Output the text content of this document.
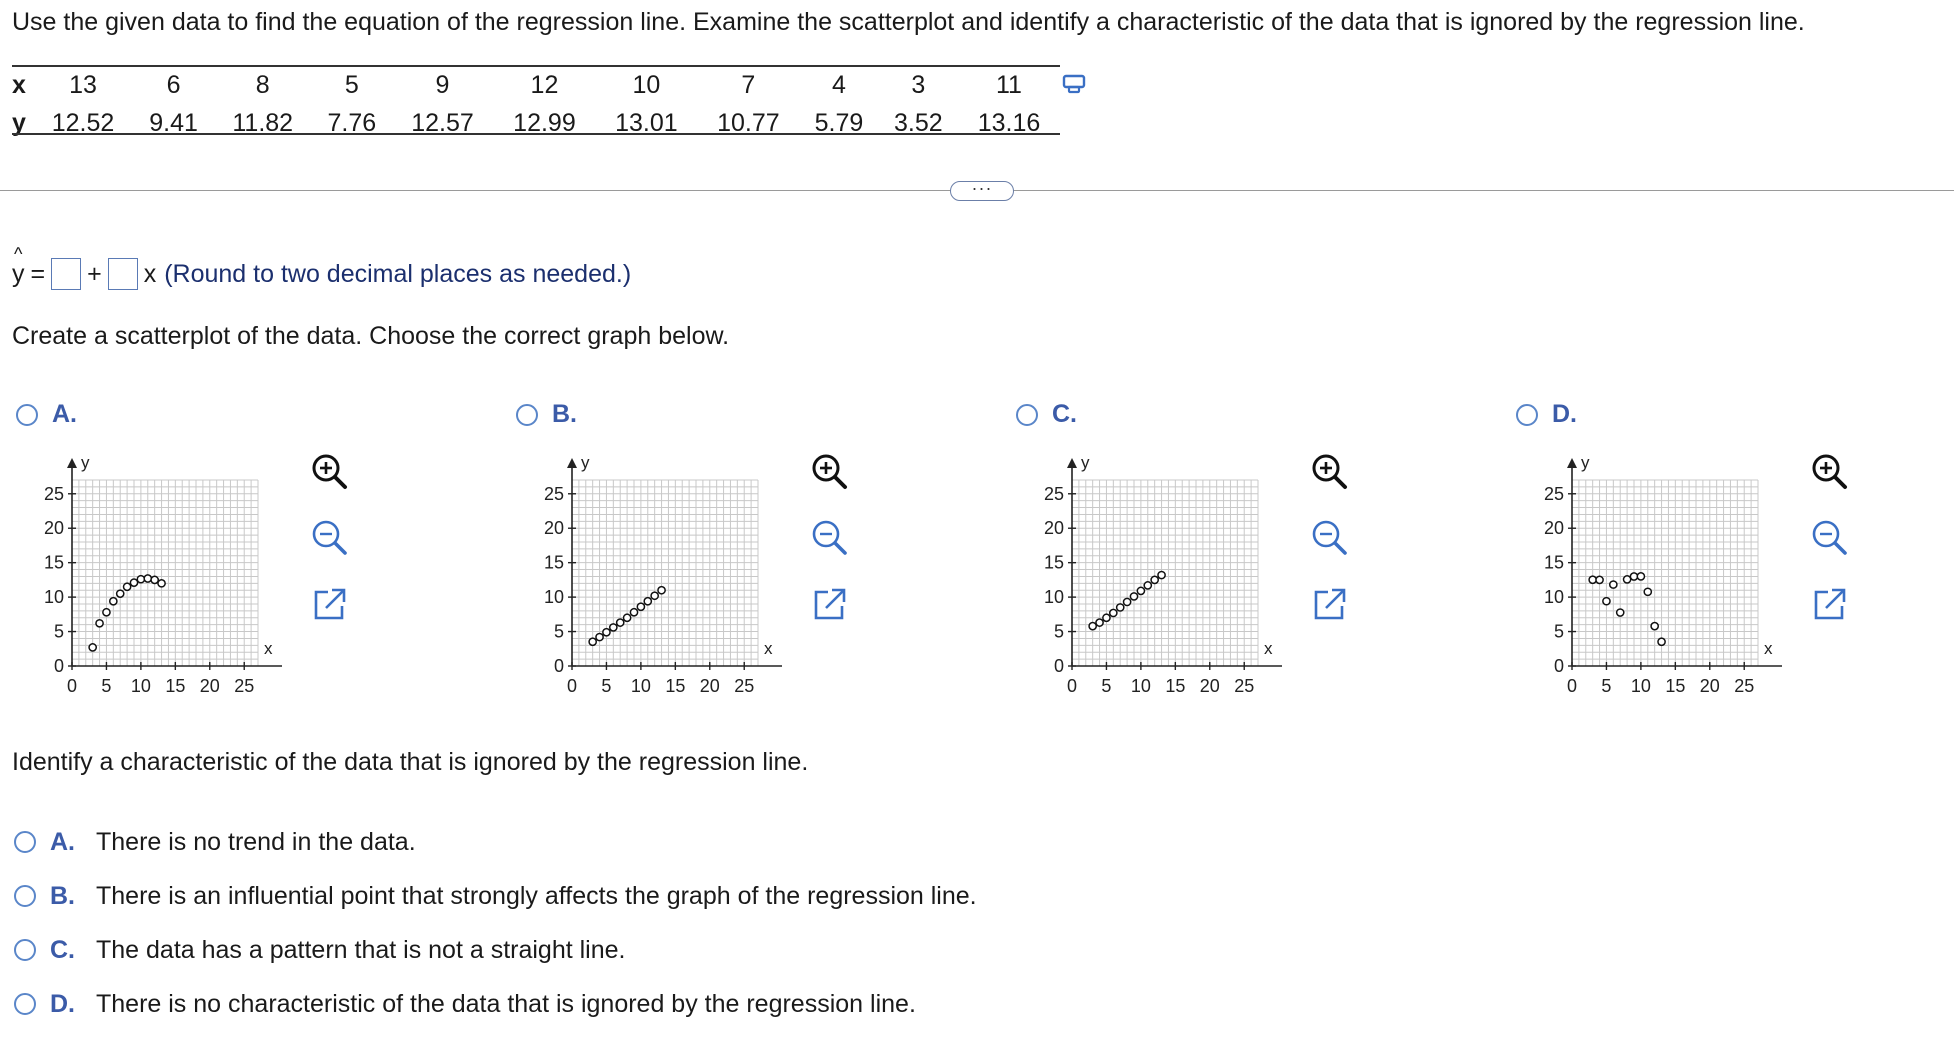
Use the given data to find the equation of the regression line. Examine the scatterplot and identify a characteristic of the data that is ignored by the regression line.
x	13	6	8	5	9	12	10	7	4	3	11
y	12.52	9.41	11.82	7.76	12.57	12.99	13.01	10.77	5.79	3.52	13.16
···
^
y = + x (Round to two decimal places as needed.)
Create a scatterplot of the data. Choose the correct graph below.
A.
y
x
0 5 10 15 20 25
0
5
10
15
20
25
B.
y
x
0 5 10 15 20 25
0
5
10
15
20
25
C.
y
x
0 5 10 15 20 25
0
5
10
15
20
25
D.
y
x
0 5 10 15 20 25
0
5
10
15
20
25
Identify a characteristic of the data that is ignored by the regression line.
A. There is no trend in the data.
B. There is an influential point that strongly affects the graph of the regression line.
C. The data has a pattern that is not a straight line.
D. There is no characteristic of the data that is ignored by the regression line.
